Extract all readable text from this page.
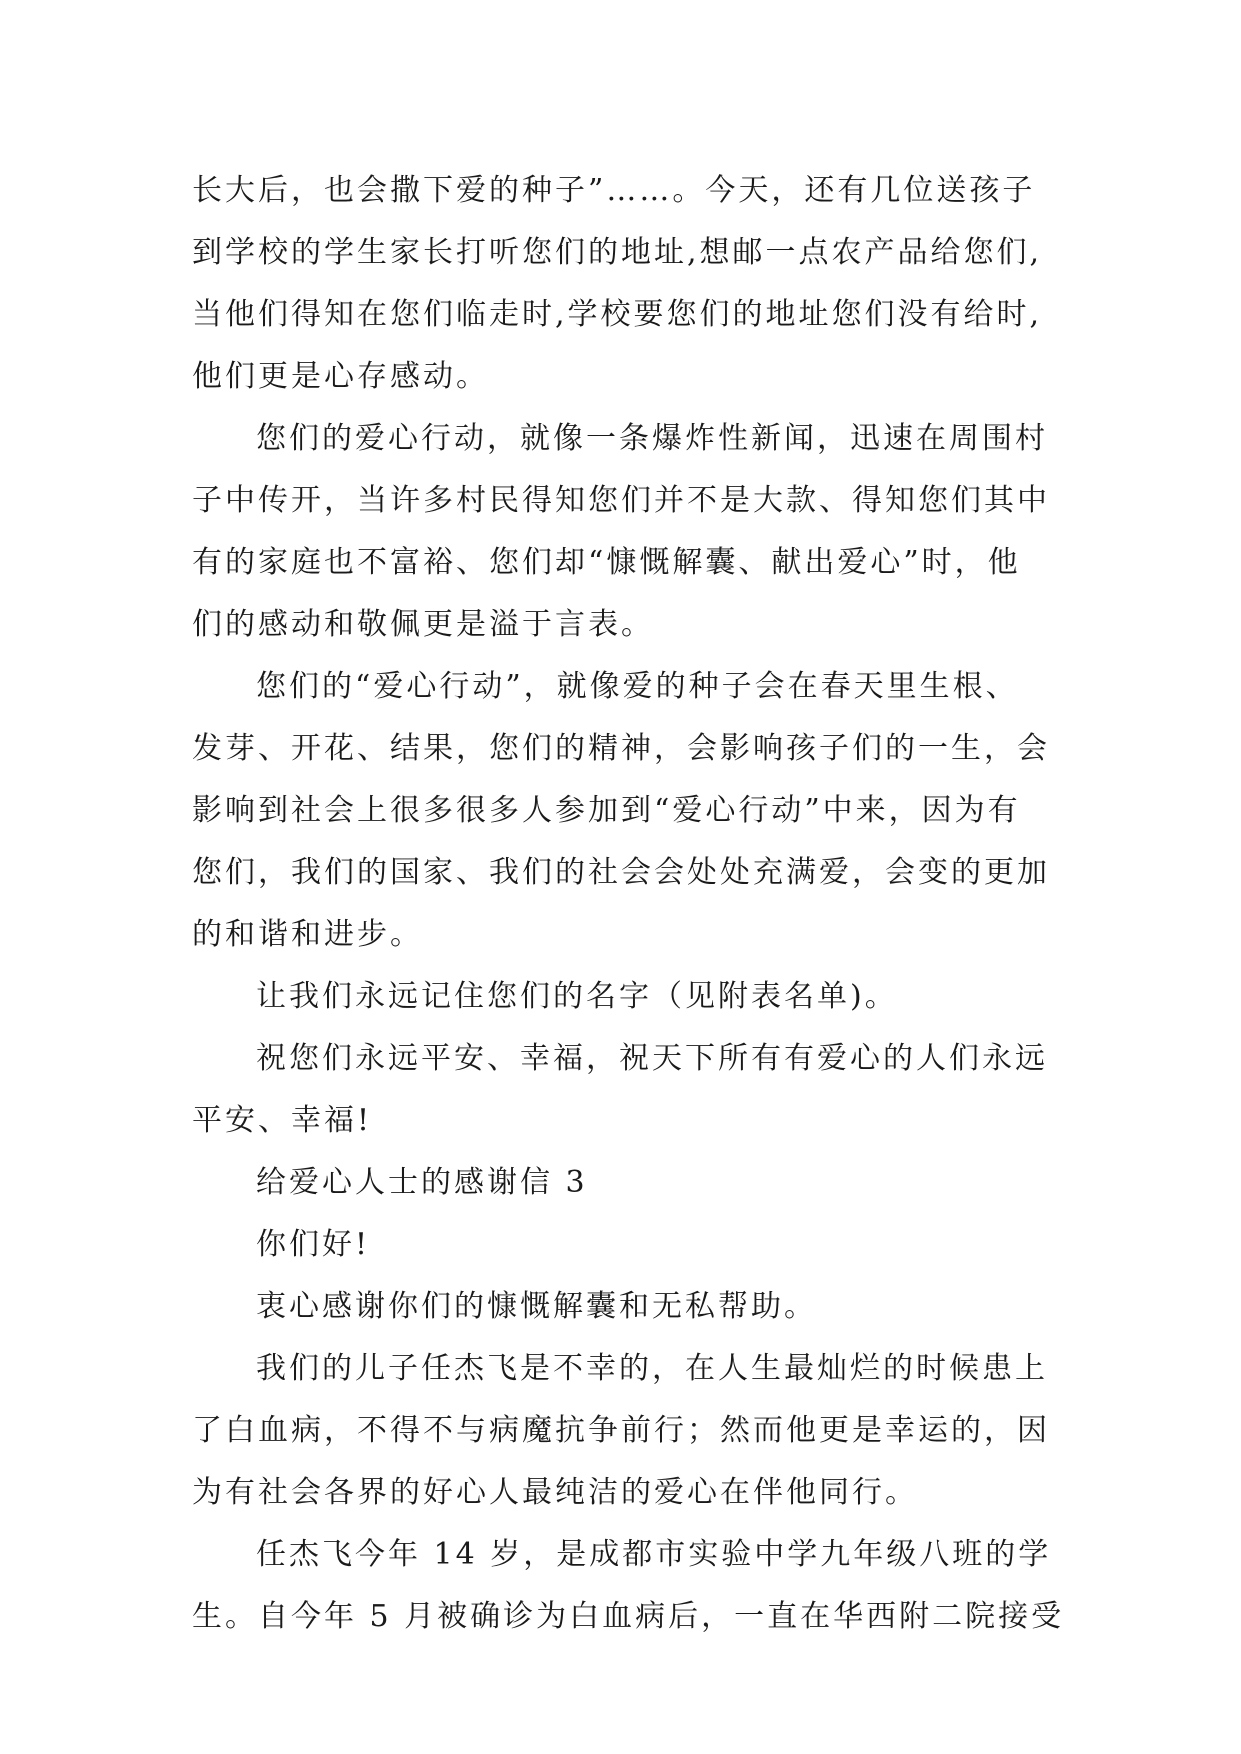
长大后，也会撒下爱的种子”……。今天，还有几位送孩子
到学校的学生家长打听您们的地址,想邮一点农产品给您们,
当他们得知在您们临走时,学校要您们的地址您们没有给时,
他们更是心存感动。
您们的爱心行动，就像一条爆炸性新闻，迅速在周围村
子中传开，当许多村民得知您们并不是大款、得知您们其中
有的家庭也不富裕、您们却“慷慨解囊、献出爱心”时，他
们的感动和敬佩更是溢于言表。
您们的“爱心行动”，就像爱的种子会在春天里生根、
发芽、开花、结果，您们的精神，会影响孩子们的一生，会
影响到社会上很多很多人参加到“爱心行动”中来，因为有
您们，我们的国家、我们的社会会处处充满爱，会变的更加
的和谐和进步。
让我们永远记住您们的名字（见附表名单)。
祝您们永远平安、幸福，祝天下所有有爱心的人们永远
平安、幸福!
给爱心人士的感谢信 3
你们好!
衷心感谢你们的慷慨解囊和无私帮助。
我们的儿子任杰飞是不幸的，在人生最灿烂的时候患上
了白血病，不得不与病魔抗争前行；然而他更是幸运的，因
为有社会各界的好心人最纯洁的爱心在伴他同行。
任杰飞今年 14 岁，是成都市实验中学九年级八班的学
生。自今年 5 月被确诊为白血病后，一直在华西附二院接受
